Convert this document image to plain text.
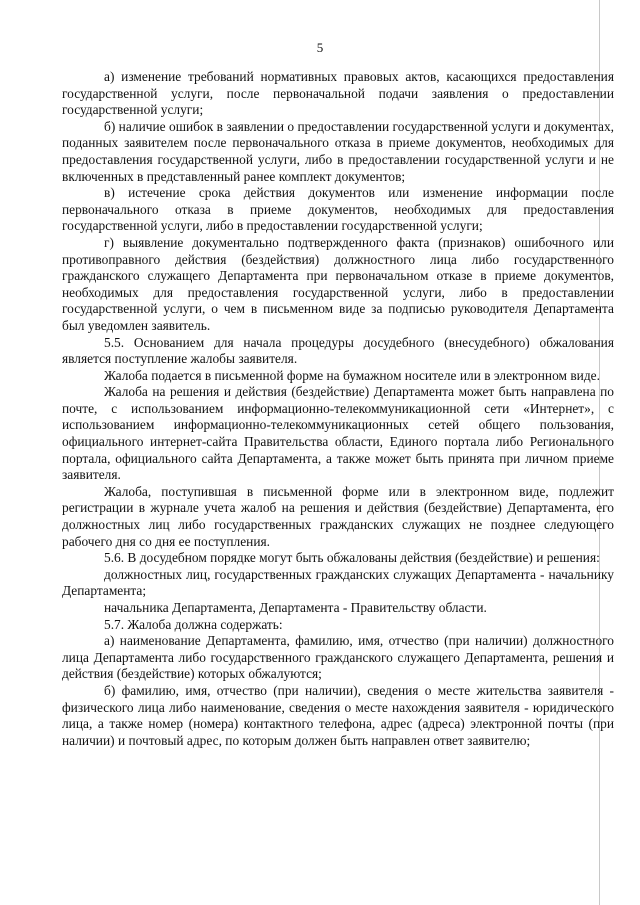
5

а) изменение требований нормативных правовых актов, касающихся предоставления государственной услуги, после первоначальной подачи заявления о предоставлении государственной услуги;

б) наличие ошибок в заявлении о предоставлении государственной услуги и документах, поданных заявителем после первоначального отказа в приеме документов, необходимых для предоставления государственной услуги, либо в предоставлении государственной услуги и не включенных в представленный ранее комплект документов;

в) истечение срока действия документов или изменение информации после первоначального отказа в приеме документов, необходимых для предоставления государственной услуги, либо в предоставлении государственной услуги;

г) выявление документально подтвержденного факта (признаков) ошибочного или противоправного действия (бездействия) должностного лица либо государственного гражданского служащего Департамента при первоначальном отказе в приеме документов, необходимых для предоставления государственной услуги, либо в предоставлении государственной услуги, о чем в письменном виде за подписью руководителя Департамента был уведомлен заявитель.

5.5. Основанием для начала процедуры досудебного (внесудебного) обжалования является поступление жалобы заявителя.

Жалоба подается в письменной форме на бумажном носителе или в электронном виде.

Жалоба на решения и действия (бездействие) Департамента может быть направлена по почте, с использованием информационно-телекоммуникационной сети «Интернет», с использованием информационно-телекоммуникационных сетей общего пользования, официального интернет-сайта Правительства области, Единого портала либо Регионального портала, официального сайта Департамента, а также может быть принята при личном приеме заявителя.

Жалоба, поступившая в письменной форме или в электронном виде, подлежит регистрации в журнале учета жалоб на решения и действия (бездействие) Департамента, его должностных лиц либо государственных гражданских служащих не позднее следующего рабочего дня со дня ее поступления.

5.6. В досудебном порядке могут быть обжалованы действия (бездействие) и решения:

должностных лиц, государственных гражданских служащих Департамента - начальнику Департамента;

начальника Департамента, Департамента - Правительству области.

5.7. Жалоба должна содержать:

а) наименование Департамента, фамилию, имя, отчество (при наличии) должностного лица Департамента либо государственного гражданского служащего Департамента, решения и действия (бездействие) которых обжалуются;

б) фамилию, имя, отчество (при наличии), сведения о месте жительства заявителя - физического лица либо наименование, сведения о месте нахождения заявителя - юридического лица, а также номер (номера) контактного телефона, адрес (адреса) электронной почты (при наличии) и почтовый адрес, по которым должен быть направлен ответ заявителю;
